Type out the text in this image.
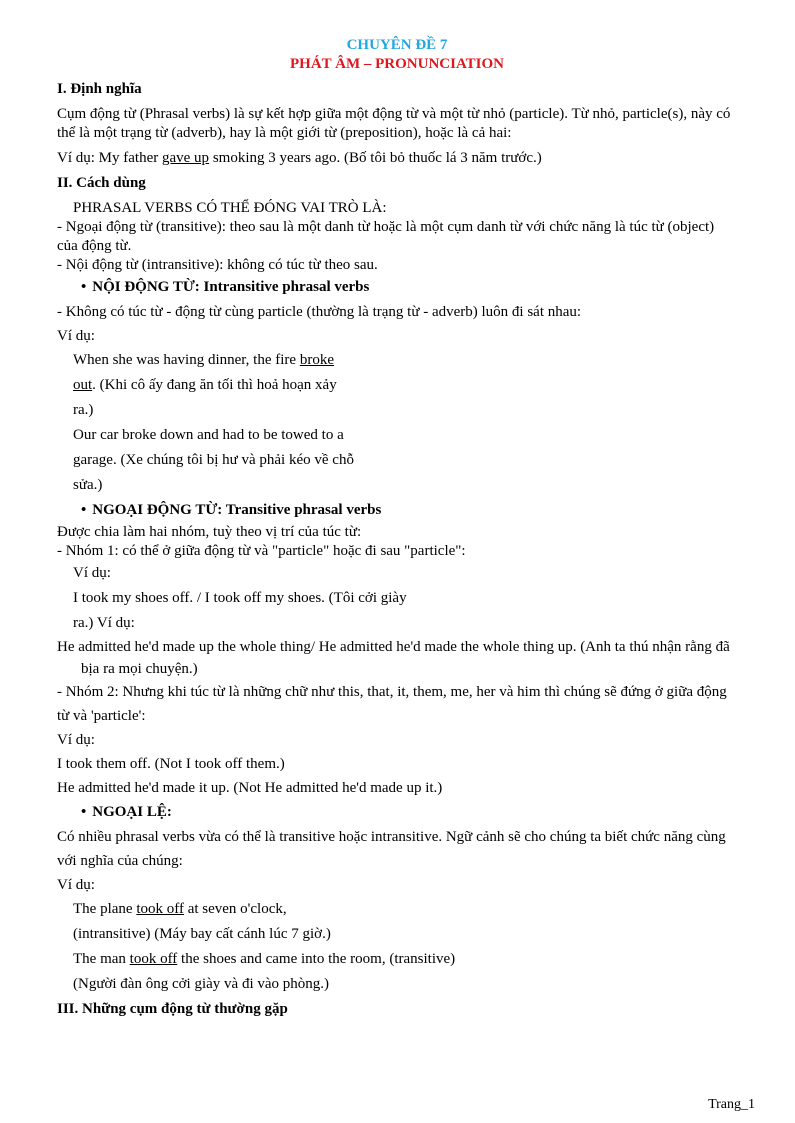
CHUYÊN ĐỀ 7
PHÁT ÂM – PRONUNCIATION
I. Định nghĩa

Cụm động từ (Phrasal verbs) là sự kết hợp giữa một động từ và một từ nhỏ (particle). Từ nhỏ, particle(s), này có thể là một trạng từ (adverb), hay là một giới từ (preposition), hoặc là cả hai:

Ví dụ: My father gave up smoking 3 years ago. (Bố tôi bỏ thuốc lá 3 năm trước.)

II. Cách dùng

PHRASAL VERBS CÓ THỂ ĐÓNG VAI TRÒ LÀ:

- Ngoại động từ (transitive): theo sau là một danh từ hoặc là một cụm danh từ với chức năng là túc từ (object) của động từ.

- Nội động từ (intransitive): không có túc từ theo sau.

• NỘI ĐỘNG TỪ: Intransitive phrasal verbs

- Không có túc từ - động từ cùng particle (thường là trạng từ - adverb) luôn đi sát nhau:

Ví dụ:

When she was having dinner, the fire broke
out. (Khi cô ấy đang ăn tối thì hoả hoạn xảy
ra.)
Our car broke down and had to be towed to a
garage. (Xe chúng tôi bị hư và phải kéo về chỗ
sửa.)
• NGOẠI ĐỘNG TỪ: Transitive phrasal verbs

Được chia làm hai nhóm, tuỳ theo vị trí của túc từ:

- Nhóm 1: có thể ở giữa động từ và "particle" hoặc đi sau "particle":

Ví dụ:
I took my shoes off. / I took off my shoes. (Tôi cởi giày
ra.) Ví dụ:

He admitted he'd made up the whole thing/ He admitted he'd made the whole thing up. (Anh ta thú nhận rằng đã bịa ra mọi chuyện.)

- Nhóm 2: Nhưng khi túc từ là những chữ như this, that, it, them, me, her và him thì chúng sẽ đứng ở giữa động từ và 'particle':

Ví dụ:

I took them off. (Not I took off them.)

He admitted he'd made it up. (Not He admitted he'd made up it.)

• NGOẠI LỆ:

Có nhiều phrasal verbs vừa có thể là transitive hoặc intransitive. Ngữ cảnh sẽ cho chúng ta biết chức năng cùng với nghĩa của chúng:

Ví dụ:

The plane took off at seven o'clock,
(intransitive) (Máy bay cất cánh lúc 7 giờ.)
The man took off the shoes and came into the room, (transitive)
(Người đàn ông cởi giày và đi vào phòng.)
III. Những cụm động từ thường gặp
Trang_1
